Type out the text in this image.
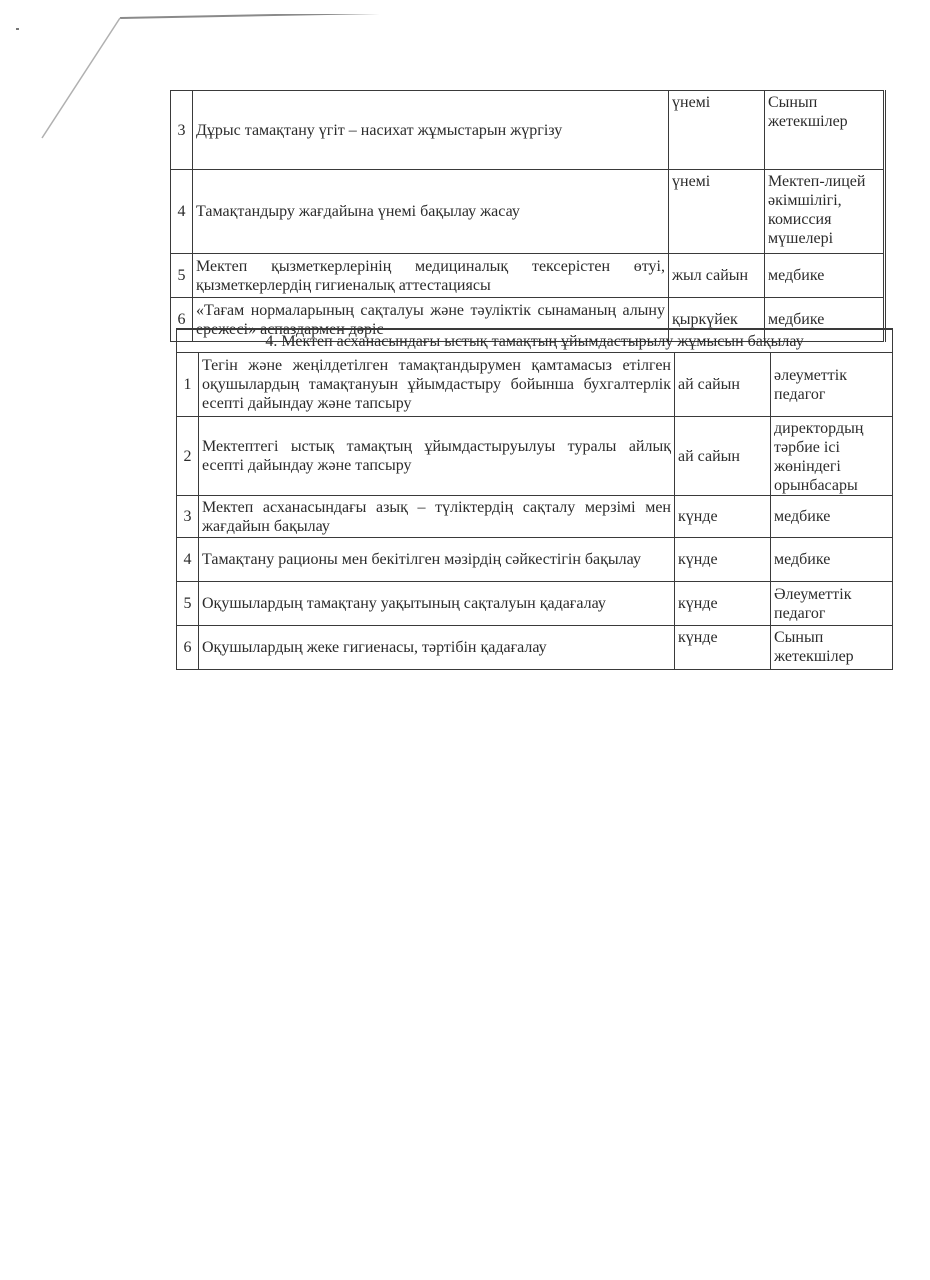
3	Дұрыс тамақтану үгіт – насихат жұмыстарын жүргізу	үнемі	Сынып жетекшілер
4	Тамақтандыру жағдайына үнемі бақылау жасау	үнемі	Мектеп-лицей әкімшілігі, комиссия мүшелері
5	Мектеп қызметкерлерінің медициналық тексерістен өтуі, қызметкерлердің гигиеналық аттестациясы	жыл сайын	медбике
6	«Тағам нормаларының сақталуы және тәуліктік сынаманың алыну ережесі» аспаздармен дәріс	қыркүйек	медбике
4. Мектеп асханасындағы ыстық тамақтың ұйымдастырылу жұмысын бақылау			
1	Тегін және жеңілдетілген тамақтандырумен қамтамасыз етілген оқушылардың тамақтануын ұйымдастыру бойынша бухгалтерлік есепті дайындау және тапсыру	ай сайын	әлеуметтік педагог
2	Мектептегі ыстық тамақтың ұйымдастыруылуы туралы айлық есепті дайындау және тапсыру	ай сайын	директордың тәрбие ісі жөніндегі орынбасары
3	Мектеп асханасындағы азық – түліктердің сақталу мерзімі мен жағдайын бақылау	күнде	медбике
4	Тамақтану рационы мен бекітілген мәзірдің сәйкестігін бақылау	күнде	медбике
5	Оқушылардың тамақтану уақытының сақталуын қадағалау	күнде	Әлеуметтік педагог
6	Оқушылардың жеке гигиенасы, тәртібін қадағалау	күнде	Сынып жетекшілер
